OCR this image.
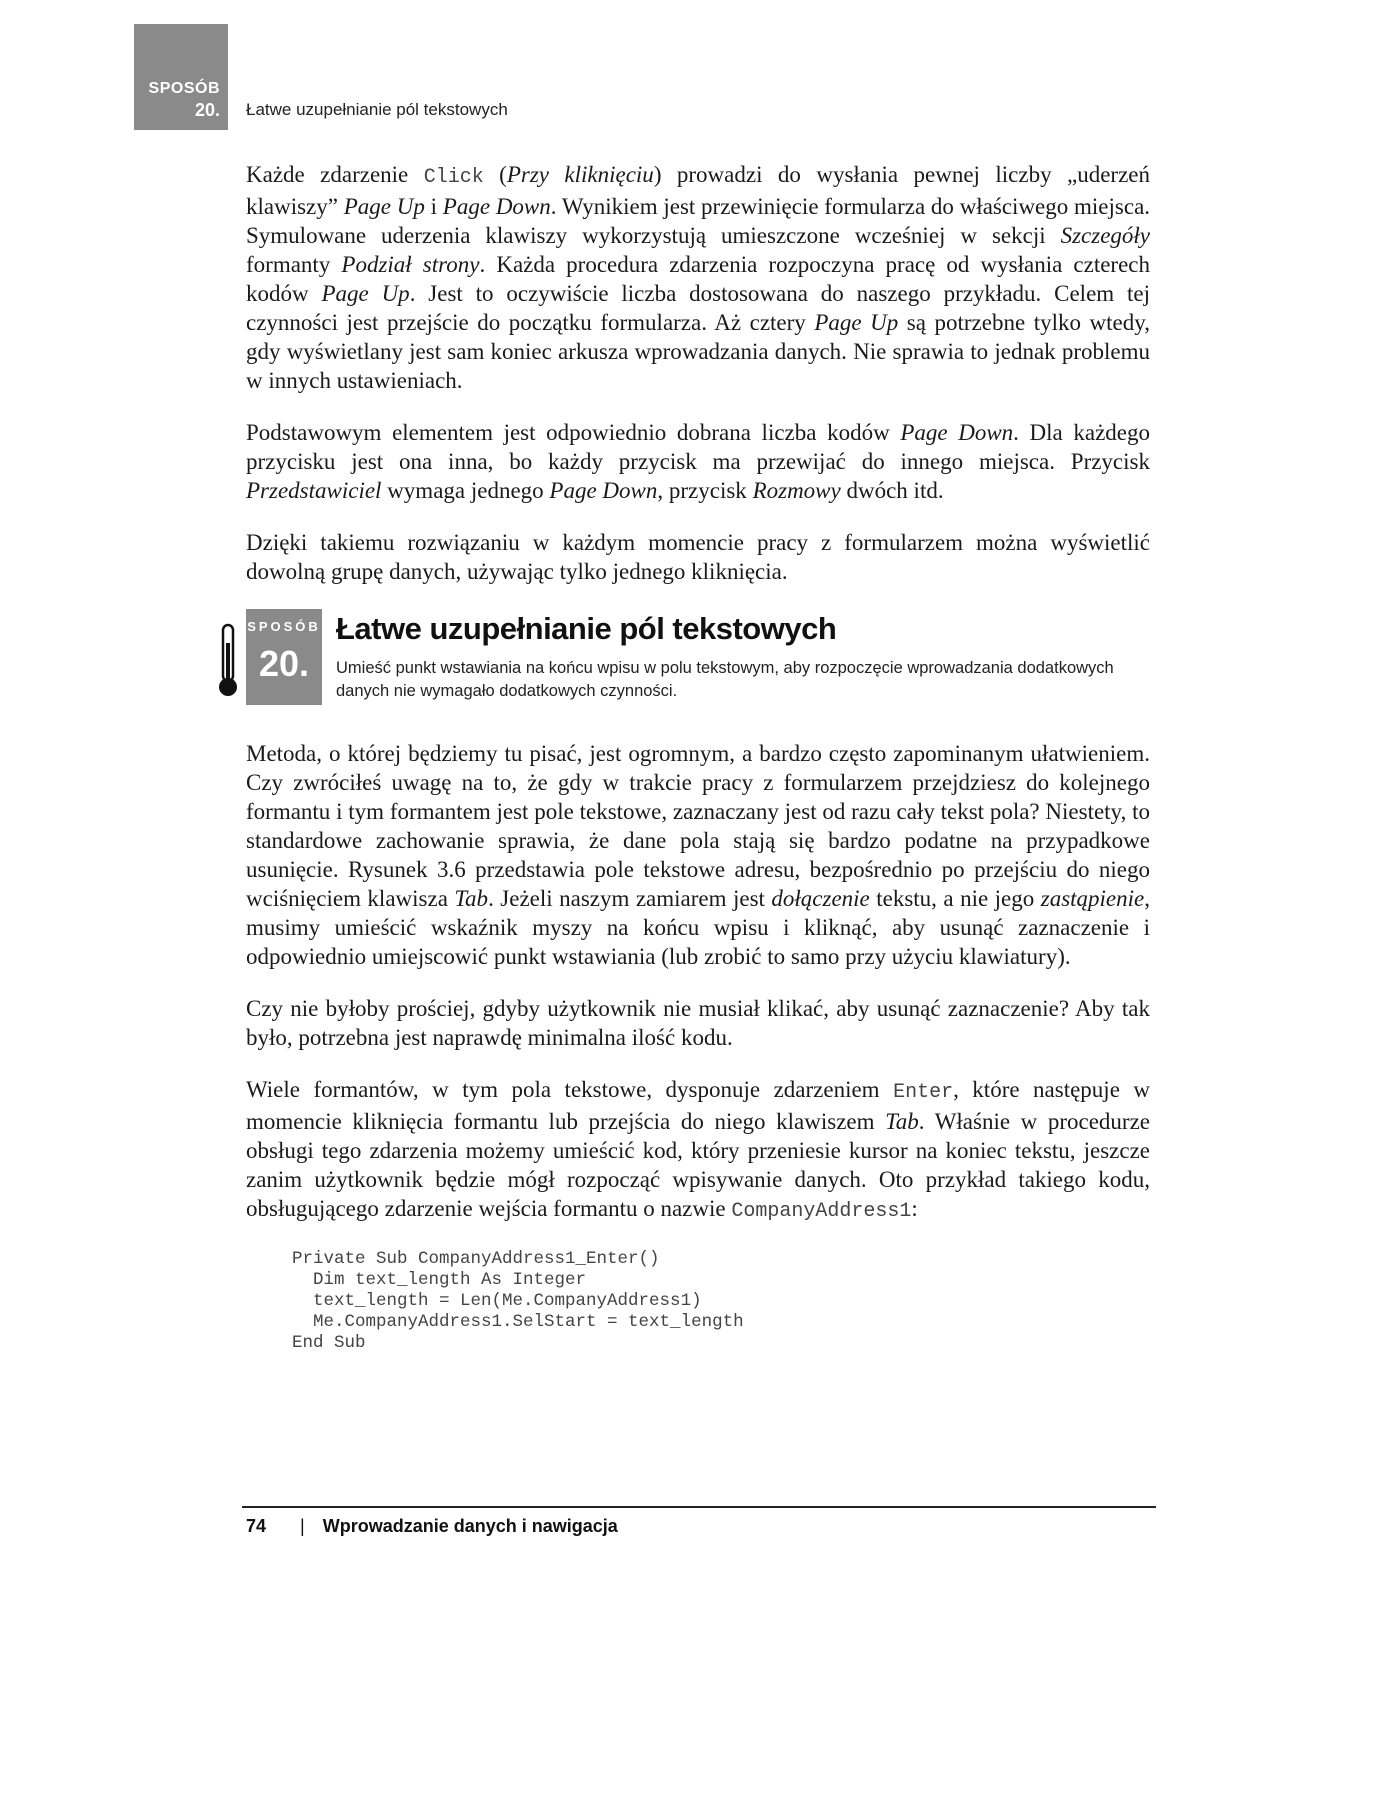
SPOSÓB
20. Łatwe uzupełnianie pól tekstowych

Każde zdarzenie Click (Przy kliknięciu) prowadzi do wysłania pewnej liczby „uderzeń klawiszy” Page Up i Page Down. Wynikiem jest przewinięcie formularza do właściwego miejsca. Symulowane uderzenia klawiszy wykorzystują umieszczone wcześniej w sekcji Szczegóły formanty Podział strony. Każda procedura zdarzenia rozpoczyna pracę od wysłania czterech kodów Page Up. Jest to oczywiście liczba dostosowana do naszego przykładu. Celem tej czynności jest przejście do początku formularza. Aż cztery Page Up są potrzebne tylko wtedy, gdy wyświetlany jest sam koniec arkusza wprowadzania danych. Nie sprawia to jednak problemu w innych ustawieniach.

Podstawowym elementem jest odpowiednio dobrana liczba kodów Page Down. Dla każdego przycisku jest ona inna, bo każdy przycisk ma przewijać do innego miejsca. Przycisk Przedstawiciel wymaga jednego Page Down, przycisk Rozmowy dwóch itd.

Dzięki takiemu rozwiązaniu w każdym momencie pracy z formularzem można wyświetlić dowolną grupę danych, używając tylko jednego kliknięcia.

SPOSÓB
20.
Łatwe uzupełnianie pól tekstowych
Umieść punkt wstawiania na końcu wpisu w polu tekstowym, aby rozpoczęcie wprowadzania dodatkowych danych nie wymagało dodatkowych czynności.

Metoda, o której będziemy tu pisać, jest ogromnym, a bardzo często zapominanym ułatwieniem. Czy zwróciłeś uwagę na to, że gdy w trakcie pracy z formularzem przejdziesz do kolejnego formantu i tym formantem jest pole tekstowe, zaznaczany jest od razu cały tekst pola? Niestety, to standardowe zachowanie sprawia, że dane pola stają się bardzo podatne na przypadkowe usunięcie. Rysunek 3.6 przedstawia pole tekstowe adresu, bezpośrednio po przejściu do niego wciśnięciem klawisza Tab. Jeżeli naszym zamiarem jest dołączenie tekstu, a nie jego zastąpienie, musimy umieścić wskaźnik myszy na końcu wpisu i kliknąć, aby usunąć zaznaczenie i odpowiednio umiejscowić punkt wstawiania (lub zrobić to samo przy użyciu klawiatury).

Czy nie byłoby prościej, gdyby użytkownik nie musiał klikać, aby usunąć zaznaczenie? Aby tak było, potrzebna jest naprawdę minimalna ilość kodu.

Wiele formantów, w tym pola tekstowe, dysponuje zdarzeniem Enter, które następuje w momencie kliknięcia formantu lub przejścia do niego klawiszem Tab. Właśnie w procedurze obsługi tego zdarzenia możemy umieścić kod, który przeniesie kursor na koniec tekstu, jeszcze zanim użytkownik będzie mógł rozpocząć wpisywanie danych. Oto przykład takiego kodu, obsługującego zdarzenie wejścia formantu o nazwie CompanyAddress1:

Private Sub CompanyAddress1_Enter()
Dim text_length As Integer
text_length = Len(Me.CompanyAddress1)
Me.CompanyAddress1.SelStart = text_length
End Sub
74 | Wprowadzanie danych i nawigacja
